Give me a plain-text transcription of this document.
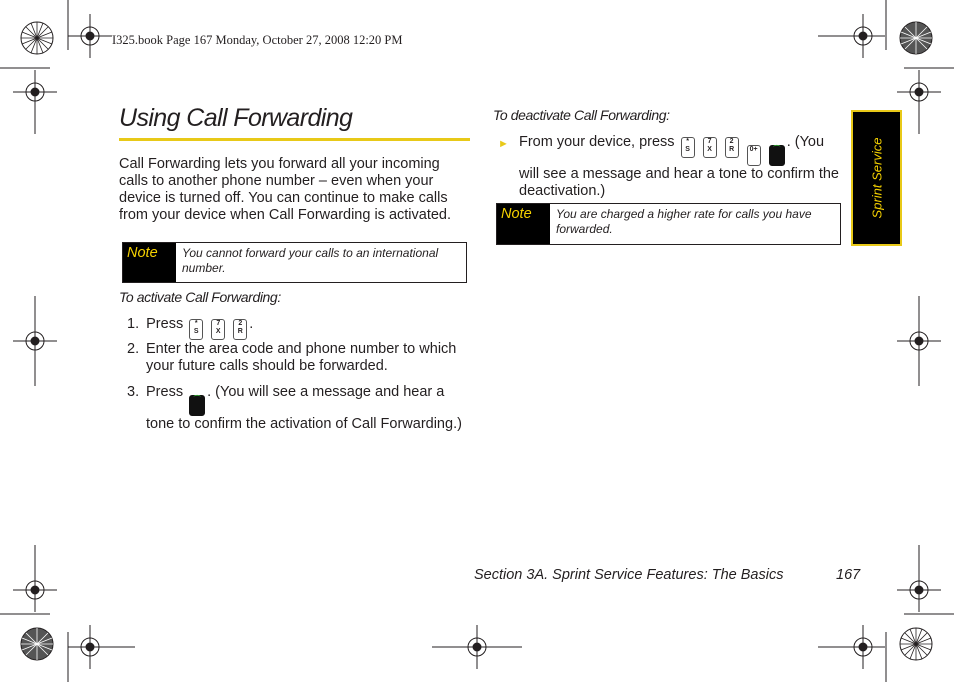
I325.book Page 167 Monday, October 27, 2008 12:20 PM
Using Call Forwarding
Call Forwarding lets you forward all your incoming calls to another phone number – even when your device is turned off. You can continue to make calls from your device when Call Forwarding is activated.
Note	You cannot forward your calls to an international number.
To activate Call Forwarding:
1. Press *
S 7
X 2
R .
2. Enter the area code and phone number to which your future calls should be forwarded.
3. Press ⌒ . (You will see a message and hear a tone to confirm the activation of Call Forwarding.)
To deactivate Call Forwarding:
► From your device, press *
S 7
X 2
R 0+ ⌒ . (You will see a message and hear a tone to confirm the deactivation.)
Note	You are charged a higher rate for calls you have forwarded.
Sprint Service
Section 3A. Sprint Service Features: The Basics	167
